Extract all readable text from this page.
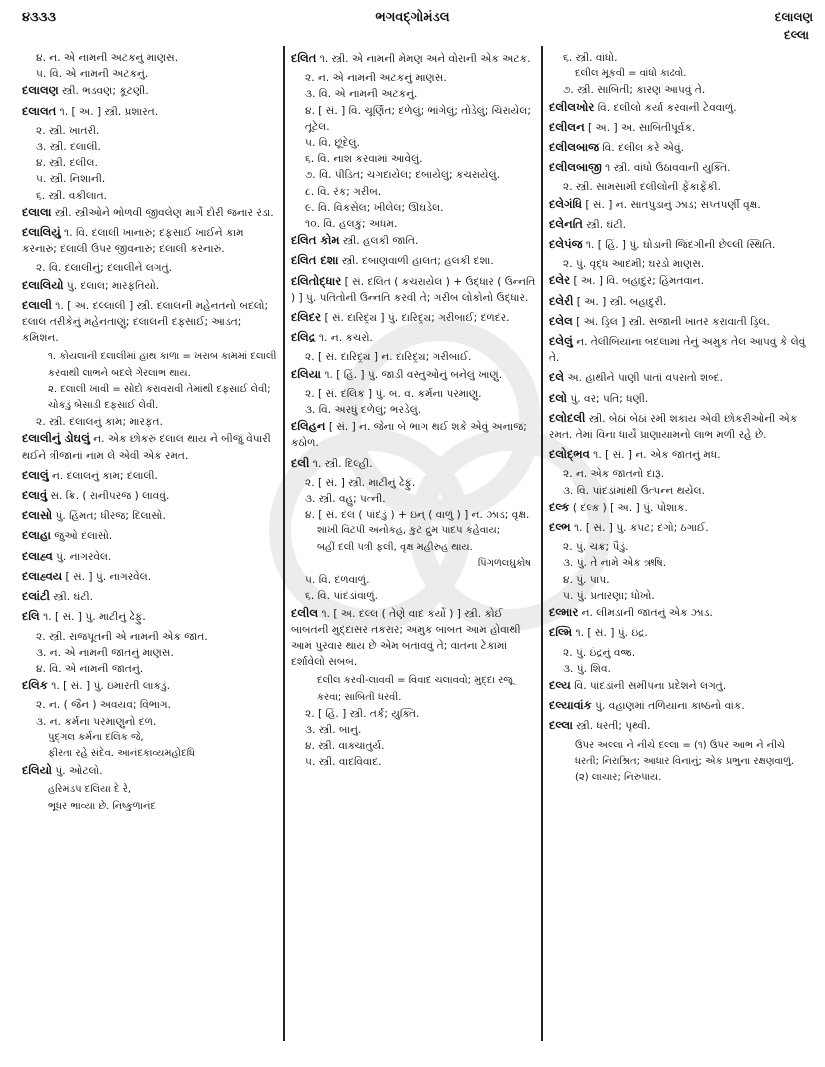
૪૩૩૩	ભગવદ્ગોમંડલ	દલાલણ
દલ્લા
૪. ન. એ નામની અટકનું માણસ.
૫. વિ. એ નામની અટકનું.
દલાલણ સ્ત્રી. ભડવણ; કૂટણી.
દલાલત ૧. [ અ. ] સ્ત્રી. પ્રશારત.
૨. સ્ત્રી. ખાતરી.
૩. સ્ત્રી. દલાલી.
૪. સ્ત્રી. દલીલ.
૫. સ્ત્રી. નિશાની.
૬. સ્ત્રી. વકીલાત.
દલાલા સ્ત્રી. સ્ત્રીઓને ભોળવી જીવલેણ માર્ગે દોરી જનાર રંડા.
દલાલિયું ૧. વિ. દલાલી ખાનારું; દફસાઈ ખાઈને કામ કરનારું; દલાલી ઉપર જીવનારું; દલાલી કરનારું.
૨. વિ. દલાલીનું; દલાલીને લગતું.
દલાલિયો પું. દલાલ; મારફતિયો.
દલાલી ૧. [ અ. દલ્લાલી ] સ્ત્રી. દલાલની મહેનતનો બદલો; દલાલ તરીકેનું મહેનતાણું; દલાલની દફસાઈ; આડત; કમિશન.
૧. કોયલાની દલાલીમાં હાથ કાળા = ખરાબ કામમાં દલાલી કરવાથી લાભને બદલે ગેરલાભ થાય.
૨. દલાલી ખાવી = સોદો કરાવરાવી તેમાંથી દફસાઈ લેવી; ચોકડું બેસાડી દફસાઈ લેવી.
૨. સ્ત્રી. દલાલનું કામ; મારફત.
દલાલીનું ડોઘલું ન. એક છોકરું દલાલ થાય ને બીજું વેપારી થઈને ત્રીજાનાં નામ લે એવી એક રમત.
દલાલું ન. દલાલનું કામ; દલાલી.
દલાવું સ. ક્રિ. ( રાનીપરજ ) લાવવું.
દલાસો પું. હિંમત; ધીરજ; દિલાસો.
દલાહા જુઓ દલાસો.
દલાહ્વ પું. નાગરવેલ.
દલાહ્વય [ સં. ] પું. નાગરવેલ.
દલાંટી સ્ત્રી. ઘંટી.
દલિ ૧. [ સં. ] પું. માટીનું ઢેફું.
૨. સ્ત્રી. રાજપૂતની એ નામની એક જાત.
૩. ન. એ નામની જાતનું માણસ.
૪. વિ. એ નામની જાતનું.
દલિક ૧. [ સં. ] પું. ઇમારતી લાકડું.
૨. ન. ( જૈન ) અવયવ; વિભાગ.
૩. ન. કર્મના પરમાણુનો દળ.
પુદ્ગલ કર્મના દલિક જે,
ફીરતા રહે સંદેવ. આનંદકાવ્યમહોદધિ
દલિયો પું. ઓટલો.
હરિમંડપ દલિયા દે રે,
ભૂધર ભાવ્યા છે. નિષ્કુળાનંદ
દલિત ૧. સ્ત્રી. એ નામની મેમણ અને વોરાની એક અટક.
૨. ન. એ નામની અટકનું માણસ.
૩. વિ. એ નામની અટકનું.
૪. [ સં. ] વિ. ચૂર્ણિત; દળેલું; ભાંગેલું; તોડેલું; ચિરાયેલ; તૂટેલ.
૫. વિ. છૂંદેલું.
૬. વિ. નાશ કરવામાં આવેલું.
૭. વિ. પીડિત; ચગદાયેલ; દબાયેલું; કચરાયેલું.
૮. વિ. રંક; ગરીબ.
૯. વિ. વિકસેલ; ખીલેલ; ઊઘડેલ.
૧૦. વિ. હલકું; અધમ.
દલિત કોમ સ્ત્રી. હલકી જાતિ.
દલિત દશા સ્ત્રી. દબાણવાળી હાલત; હલકી દશા.
દલિતોદ્ધાર [ સં. દલિત ( કચરાયેલ ) + ઉદ્ધાર ( ઉન્નતિ ) ] પું. પતિતોની ઉન્નતિ કરવી તે; ગરીબ લોકોનો ઉદ્ધાર.
દલિદર [ સં. દારિદ્ર્ય ] પું. દારિદ્ર્ય; ગરીબાઈ; દળદર.
દલિદ્ર ૧. ન. કચરો.
૨. [ સં. દારિદ્ર્ય ] ન. દારિદ્ર્ય; ગરીબાઈ.
દલિયા ૧. [ હિં. ] પું. જાડી વસ્તુઓનું બનેલું ખાણું.
૨. [ સં. દલિક ] પું. બ. વ. કર્મના પરમાણુ.
૩. વિ. અરધું દળેલું; ભરડેલું.
દલિહન [ સં. ] ન. જેના બે ભાગ થઈ શકે એવું અનાજ; કઠોળ.
દલી ૧. સ્ત્રી. દિલ્હી.
૨. [ સં. ] સ્ત્રી. માટીનું ઢેફું.
૩. સ્ત્રી. વહુ; પત્ની.
૪. [ સં. દલ ( પાંદડું ) + ઇન્ ( વાળું ) ] ન. ઝાડ; વૃક્ષ.
શાખી વિટપી અનોકહ, કુટ દ્રુમ પાદપ કહેવાય;
બહીં દલી પત્રી ફલી, વૃક્ષ મહીરુહ થાય.
પિંગળલઘુકોષ
૫. વિ. દળવાળું.
૬. વિ. પાંદડાંવાળું.
દલીલ ૧. [ અ. દલ્લ ( તેણે વાદ કર્યો ) ] સ્ત્રી. કોઈ બાબતની મુદ્દાસર તકરાર; અમુક બાબત આમ હોવાથી આમ પુરવાર થાય છે એમ બતાવવું તે; વાતના ટેકામાં દર્શાવેલો સબબ.
દલીલ કરવી-લાવવી = વિવાદ ચલાવવો; મુદ્દા રજૂ કરવા; સાબિતી ધરવી.
૨. [ હિં. ] સ્ત્રી. તર્ક; યુક્તિ.
૩. સ્ત્રી. બાનું.
૪. સ્ત્રી. વાક્ચાતુર્ય.
૫. સ્ત્રી. વાદવિવાદ.
૬. સ્ત્રી. વાંધો.
દલીલ મૂકવી = વાંધો કાઢવો.
૭. સ્ત્રી. સાબિતી; કારણ આપવું તે.
દલીલખોર વિ. દલીલો કર્યા કરવાની ટેવવાળું.
દલીલન [ અ. ] અ. સાબિતીપૂર્વક.
દલીલબાજ વિ. દલીલ કરે એવું.
દલીલબાજી ૧ સ્ત્રી. વાંધો ઉઠાવવાની યુક્તિ.
૨. સ્ત્રી. સામસામી દલીલોની ફેંકાફેંકી.
દલેગંધિ [ સં. ] ન. સાતપુડાનું ઝાડ; સપ્તપર્ણી વૃક્ષ.
દલેનતિ સ્ત્રી. ઘંટી.
દલેપંજ ૧. [ હિં. ] પું. ઘોડાની જિંદગીની છેલ્લી સ્થિતિ.
૨. પું. વૃદ્ધ આદમી; ઘરડો માણસ.
દલેર [ અ. ] વિ. બહાદુર; હિંમતવાન.
દલેરી [ અ. ] સ્ત્રી. બહાદુરી.
દલેલ [ અં. ડ્રિલ ] સ્ત્રી. સજાની ખાતર કરાવાતી ડ્રિલ.
દલેલું ન. તેલીબિયાંના બદલામાં તેનું અમુક તેલ આપવું કે લેવું તે.
દલે અ. હાથીને પાણી પાતાં વપરાતો શબ્દ.
દલો પું. વર; પતિ; ધણી.
દલોદલી સ્ત્રી. બેઠાં બેઠાં રમી શકાય એવી છોકરીઓની એક રમત. તેમાં વિના ધાર્યે પ્રાણાયામનો લાભ મળી રહે છે.
દલોદ્ભવ ૧. [ સં. ] ન. એક જાતનું મધ.
૨. ન. એક જાતનો દારૂ.
૩. વિ. પાંદડાંમાંથી ઉત્પન્ન થયેલ.
દલ્ક ( દલ્ક઼ ) [ અ. ] પું. પોશાક.
દલ્ભ ૧. [ સં. ] પું. કપટ; દગો; ઠગાઈ.
૨. પું. ચક્ર; પૈડું.
૩. પું. તે નામે એક ઋષિ.
૪. પું. પાપ.
૫. પું. પ્રતારણા; ધોખો.
દલ્માર ન. લીમડાની જાતનું એક ઝાડ.
દલ્મિ ૧. [ સં. ] પું. ઇંદ્ર.
૨. પું. ઇંદ્રનું વજ્ર.
૩. પું. શિવ.
દલ્ય વિ. પાંદડાંની સમીપના પ્રદેશને લગતું.
દલ્યાવાંક પું. વહાણમાં તળિયાના કાષ્ઠનો વાંક.
દલ્લા સ્ત્રી. ધરતી; પૃથ્વી.
ઉપર અલ્લા ને નીચે દલ્લા = (૧) ઉપર આભ ને નીચે ધરતી; નિરાશ્રિત; આધાર વિનાનું; એક પ્રભુના રક્ષણવાળું. (૨) લાચાર; નિરુપાય.
